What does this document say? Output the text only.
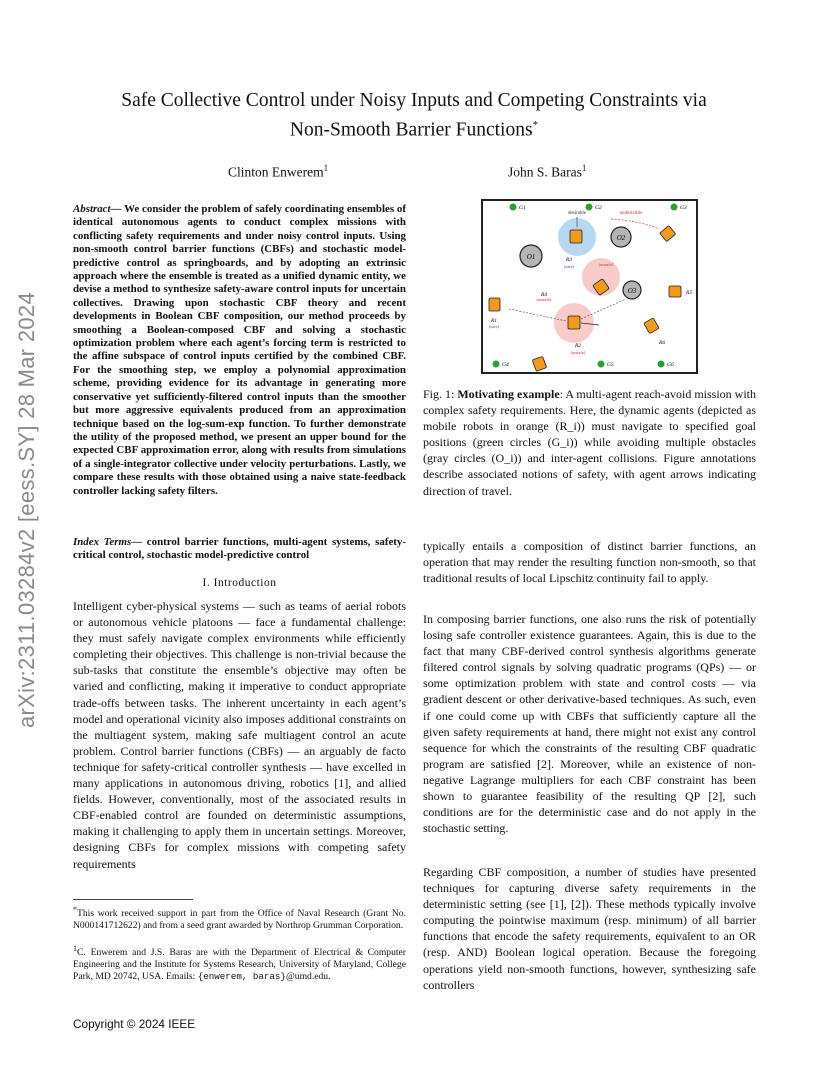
Safe Collective Control under Noisy Inputs and Competing Constraints via
Non-Smooth Barrier Functions*
Clinton Enwerem$^1$	John S. Baras$^1$
arXiv:2311.03284v2 [eess.SY] 28 Mar 2024
Abstract— We consider the problem of safely coordinating ensembles of identical autonomous agents to conduct complex missions with conflicting safety requirements and under noisy control inputs. Using non-smooth control barrier functions (CBFs) and stochastic model-predictive control as springboards, and by adopting an extrinsic approach where the ensemble is treated as a unified dynamic entity, we devise a method to synthesize safety-aware control inputs for uncertain collectives. Drawing upon stochastic CBF theory and recent developments in Boolean CBF composition, our method proceeds by smoothing a Boolean-composed CBF and solving a stochastic optimization problem where each agent’s forcing term is restricted to the affine subspace of control inputs certified by the combined CBF. For the smoothing step, we employ a polynomial approximation scheme, providing evidence for its advantage in generating more conservative yet sufficiently-filtered control inputs than the smoother but more aggressive equivalents produced from an approximation technique based on the log-sum-exp function. To further demonstrate the utility of the proposed method, we present an upper bound for the expected CBF approximation error, along with results from simulations of a single-integrator collective under velocity perturbations. Lastly, we compare these results with those obtained using a naive state-feedback controller lacking safety filters.
Index Terms— control barrier functions, multi-agent systems, safety-critical control, stochastic model-predictive control
I. Introduction
Intelligent cyber-physical systems — such as teams of aerial robots or autonomous vehicle platoons — face a fundamental challenge: they must safely navigate complex environments while efficiently completing their objectives. This challenge is non-trivial because the sub-tasks that constitute the ensemble’s objective may often be varied and conflicting, making it imperative to conduct appropriate trade-offs between tasks. The inherent uncertainty in each agent’s model and operational vicinity also imposes additional constraints on the multiagent system, making safe multiagent control an acute problem. Control barrier functions (CBFs) — an arguably de facto technique for safety-critical controller synthesis — have excelled in many applications in autonomous driving, robotics [1], and allied fields. However, conventionally, most of the associated results in CBF-enabled control are founded on deterministic assumptions, making it challenging to apply them in uncertain settings. Moreover, designing CBFs for complex missions with competing safety requirements
*This work received support in part from the Office of Naval Research (Grant No. N000141712622) and from a seed grant awarded by Northrop Grumman Corporation.
$^1$C. Enwerem and J.S. Baras are with the Department of Electrical & Computer Engineering and the Institute for Systems Research, University of Maryland, College Park, MD 20742, USA. Emails: {enwerem, baras}@umd.edu.
Copyright © 2024 IEEE
O1
O2
O3
G1	G2	G3
G4	G5	G6
R1
R2
R3
R4	R5
R6
desirable	undesirable
(safe)
(safe)
(unsafe)
(unsafe)
(unsafe)
Fig. 1: Motivating example: A multi-agent reach-avoid mission with complex safety requirements. Here, the dynamic agents (depicted as mobile robots in orange (R_i)) must navigate to specified goal positions (green circles (G_i)) while avoiding multiple obstacles (gray circles (O_i)) and inter-agent collisions. Figure annotations describe associated notions of safety, with agent arrows indicating direction of travel.
typically entails a composition of distinct barrier functions, an operation that may render the resulting function non-smooth, so that traditional results of local Lipschitz continuity fail to apply.
In composing barrier functions, one also runs the risk of potentially losing safe controller existence guarantees. Again, this is due to the fact that many CBF-derived control synthesis algorithms generate filtered control signals by solving quadratic programs (QPs) — or some optimization problem with state and control costs — via gradient descent or other derivative-based techniques. As such, even if one could come up with CBFs that sufficiently capture all the given safety requirements at hand, there might not exist any control sequence for which the constraints of the resulting CBF quadratic program are satisfied [2]. Moreover, while an existence of non-negative Lagrange multipliers for each CBF constraint has been shown to guarantee feasibility of the resulting QP [2], such conditions are for the deterministic case and do not apply in the stochastic setting.
Regarding CBF composition, a number of studies have presented techniques for capturing diverse safety requirements in the deterministic setting (see [1], [2]). These methods typically involve computing the pointwise maximum (resp. minimum) of all barrier functions that encode the safety requirements, equivalent to an OR (resp. AND) Boolean logical operation. Because the foregoing operations yield non-smooth functions, however, synthesizing safe controllers
